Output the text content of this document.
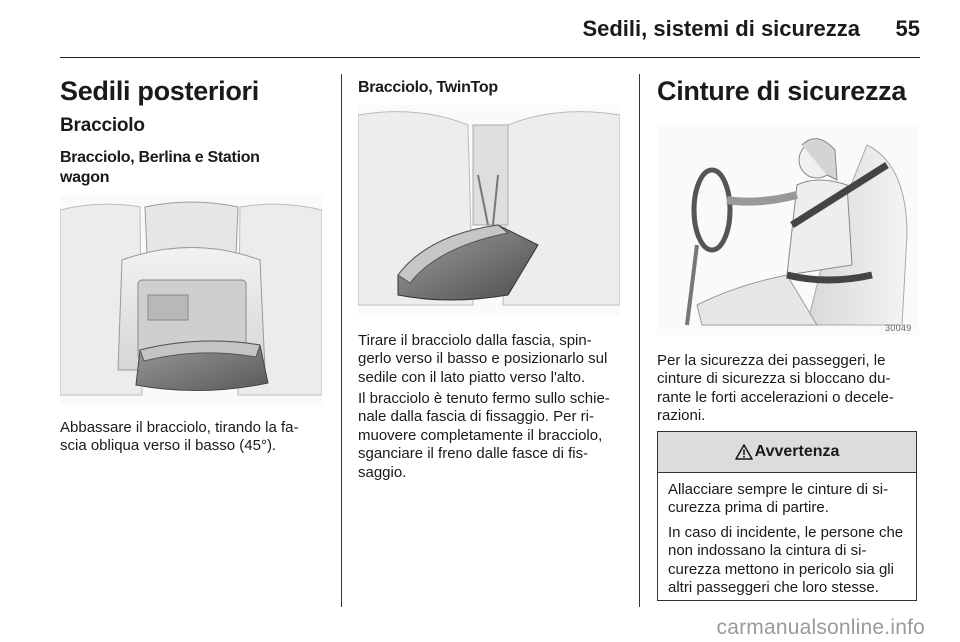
Sedili, sistemi di sicurezza	55
Sedili posteriori
Bracciolo
Bracciolo, Berlina e Station wagon

Abbassare il bracciolo, tirando la fa-scia obliqua verso il basso (45°).

Bracciolo, TwinTop

Tirare il bracciolo dalla fascia, spin-gerlo verso il basso e posizionarlo sul sedile con il lato piatto verso l'alto.

Il bracciolo è tenuto fermo sullo schie-nale dalla fascia di fissaggio. Per ri-muovere completamente il bracciolo, sganciare il freno dalle fasce di fis-saggio.

Cinture di sicurezza
30049

Per la sicurezza dei passeggeri, le cinture di sicurezza si bloccano du-rante le forti accelerazioni o decele-razioni.

Avvertenza

Allacciare sempre le cinture di si-curezza prima di partire.

In caso di incidente, le persone che non indossano la cintura di si-curezza mettono in pericolo sia gli altri passeggeri che loro stesse.

carmanualsonline.info
